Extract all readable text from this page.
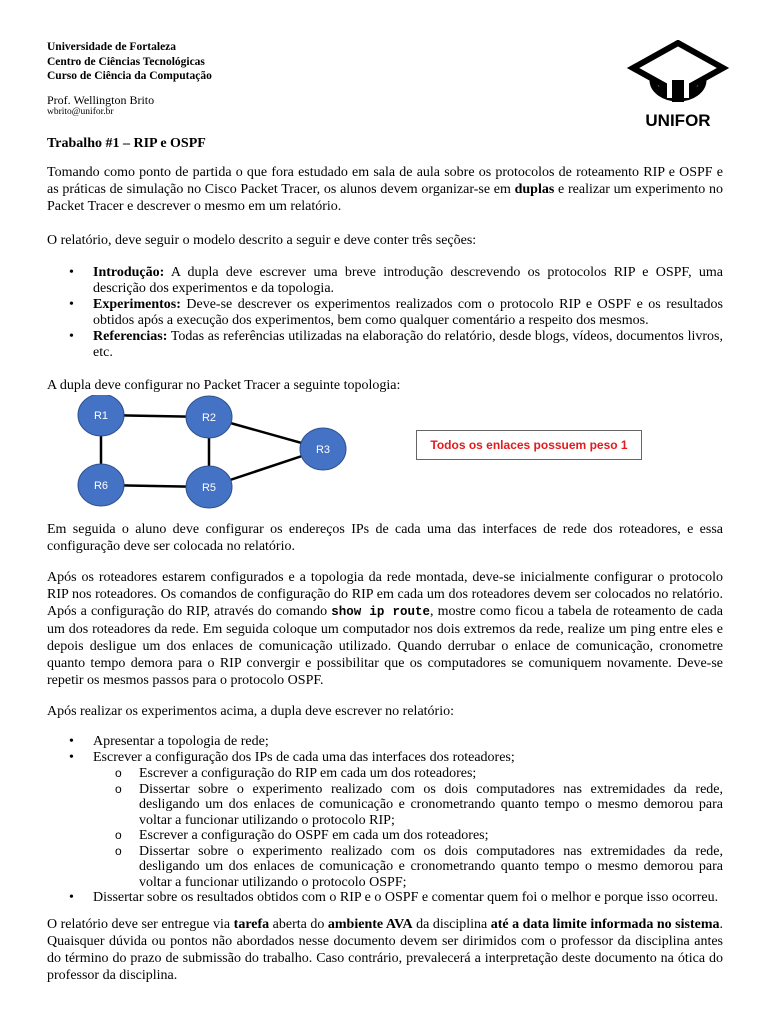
Universidade de Fortaleza
Centro de Ciências Tecnológicas
Curso de Ciência da Computação
Prof. Wellington Brito
wbrito@unifor.br	UNIFOR
Trabalho #1 – RIP e OSPF

Tomando como ponto de partida o que fora estudado em sala de aula sobre os protocolos de roteamento RIP e OSPF e as práticas de simulação no Cisco Packet Tracer, os alunos devem organizar-se em duplas e realizar um experimento no Packet Tracer e descrever o mesmo em um relatório.

O relatório, deve seguir o modelo descrito a seguir e deve conter três seções:

• Introdução: A dupla deve escrever uma breve introdução descrevendo os protocolos RIP e OSPF, uma descrição dos experimentos e da topologia.
• Experimentos: Deve-se descrever os experimentos realizados com o protocolo RIP e OSPF e os resultados obtidos após a execução dos experimentos, bem como qualquer comentário a respeito dos mesmos.
• Referencias: Todas as referências utilizadas na elaboração do relatório, desde blogs, vídeos, documentos livros, etc.

A dupla deve configurar no Packet Tracer a seguinte topologia:

R1	R2
R3
R6	R5
Todos os enlaces possuem peso 1

Em seguida o aluno deve configurar os endereços IPs de cada uma das interfaces de rede dos roteadores, e essa configuração deve ser colocada no relatório.

Após os roteadores estarem configurados e a topologia da rede montada, deve-se inicialmente configurar o protocolo RIP nos roteadores. Os comandos de configuração do RIP em cada um dos roteadores devem ser colocados no relatório. Após a configuração do RIP, através do comando show ip route, mostre como ficou a tabela de roteamento de cada um dos roteadores da rede. Em seguida coloque um computador nos dois extremos da rede, realize um ping entre eles e depois desligue um dos enlaces de comunicação utilizado. Quando derrubar o enlace de comunicação, cronometre quanto tempo demora para o RIP convergir e possibilitar que os computadores se comuniquem novamente. Deve-se repetir os mesmos passos para o protocolo OSPF.

Após realizar os experimentos acima, a dupla deve escrever no relatório:

• Apresentar a topologia de rede;
• Escrever a configuração dos IPs de cada uma das interfaces dos roteadores;
o Escrever a configuração do RIP em cada um dos roteadores;
o Dissertar sobre o experimento realizado com os dois computadores nas extremidades da rede, desligando um dos enlaces de comunicação e cronometrando quanto tempo o mesmo demorou para voltar a funcionar utilizando o protocolo RIP;
o Escrever a configuração do OSPF em cada um dos roteadores;
o Dissertar sobre o experimento realizado com os dois computadores nas extremidades da rede, desligando um dos enlaces de comunicação e cronometrando quanto tempo o mesmo demorou para voltar a funcionar utilizando o protocolo OSPF;
• Dissertar sobre os resultados obtidos com o RIP e o OSPF e comentar quem foi o melhor e porque isso ocorreu.

O relatório deve ser entregue via tarefa aberta do ambiente AVA da disciplina até a data limite informada no sistema. Quaisquer dúvida ou pontos não abordados nesse documento devem ser dirimidos com o professor da disciplina antes do término do prazo de submissão do trabalho. Caso contrário, prevalecerá a interpretação deste documento na ótica do professor da disciplina.
